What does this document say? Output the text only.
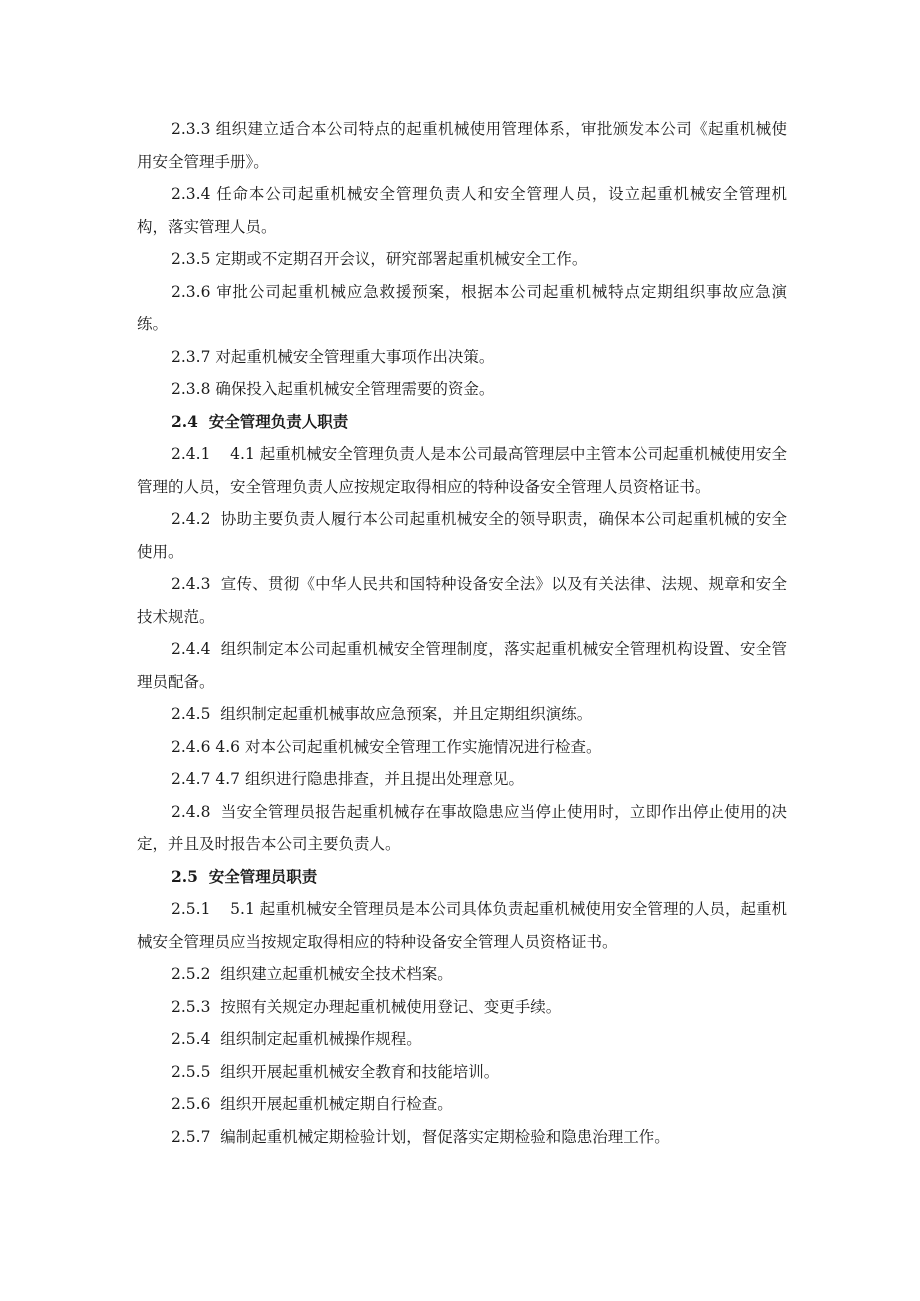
2.3.3 组织建立适合本公司特点的起重机械使用管理体系，审批颁发本公司《起重机械使用安全管理手册》。

2.3.4 任命本公司起重机械安全管理负责人和安全管理人员，设立起重机械安全管理机构，落实管理人员。

2.3.5 定期或不定期召开会议，研究部署起重机械安全工作。

2.3.6 审批公司起重机械应急救援预案，根据本公司起重机械特点定期组织事故应急演练。

2.3.7 对起重机械安全管理重大事项作出决策。

2.3.8 确保投入起重机械安全管理需要的资金。

2.4  安全管理负责人职责

2.4.1    4.1 起重机械安全管理负责人是本公司最高管理层中主管本公司起重机械使用安全管理的人员，安全管理负责人应按规定取得相应的特种设备安全管理人员资格证书。

2.4.2  协助主要负责人履行本公司起重机械安全的领导职责，确保本公司起重机械的安全使用。

2.4.3  宣传、贯彻《中华人民共和国特种设备安全法》以及有关法律、法规、规章和安全技术规范。

2.4.4  组织制定本公司起重机械安全管理制度，落实起重机械安全管理机构设置、安全管理员配备。

2.4.5  组织制定起重机械事故应急预案，并且定期组织演练。

2.4.6 4.6 对本公司起重机械安全管理工作实施情况进行检查。

2.4.7 4.7 组织进行隐患排查，并且提出处理意见。

2.4.8  当安全管理员报告起重机械存在事故隐患应当停止使用时，立即作出停止使用的决定，并且及时报告本公司主要负责人。

2.5  安全管理员职责

2.5.1    5.1 起重机械安全管理员是本公司具体负责起重机械使用安全管理的人员，起重机械安全管理员应当按规定取得相应的特种设备安全管理人员资格证书。

2.5.2  组织建立起重机械安全技术档案。

2.5.3  按照有关规定办理起重机械使用登记、变更手续。

2.5.4  组织制定起重机械操作规程。

2.5.5  组织开展起重机械安全教育和技能培训。

2.5.6  组织开展起重机械定期自行检查。

2.5.7  编制起重机械定期检验计划，督促落实定期检验和隐患治理工作。
